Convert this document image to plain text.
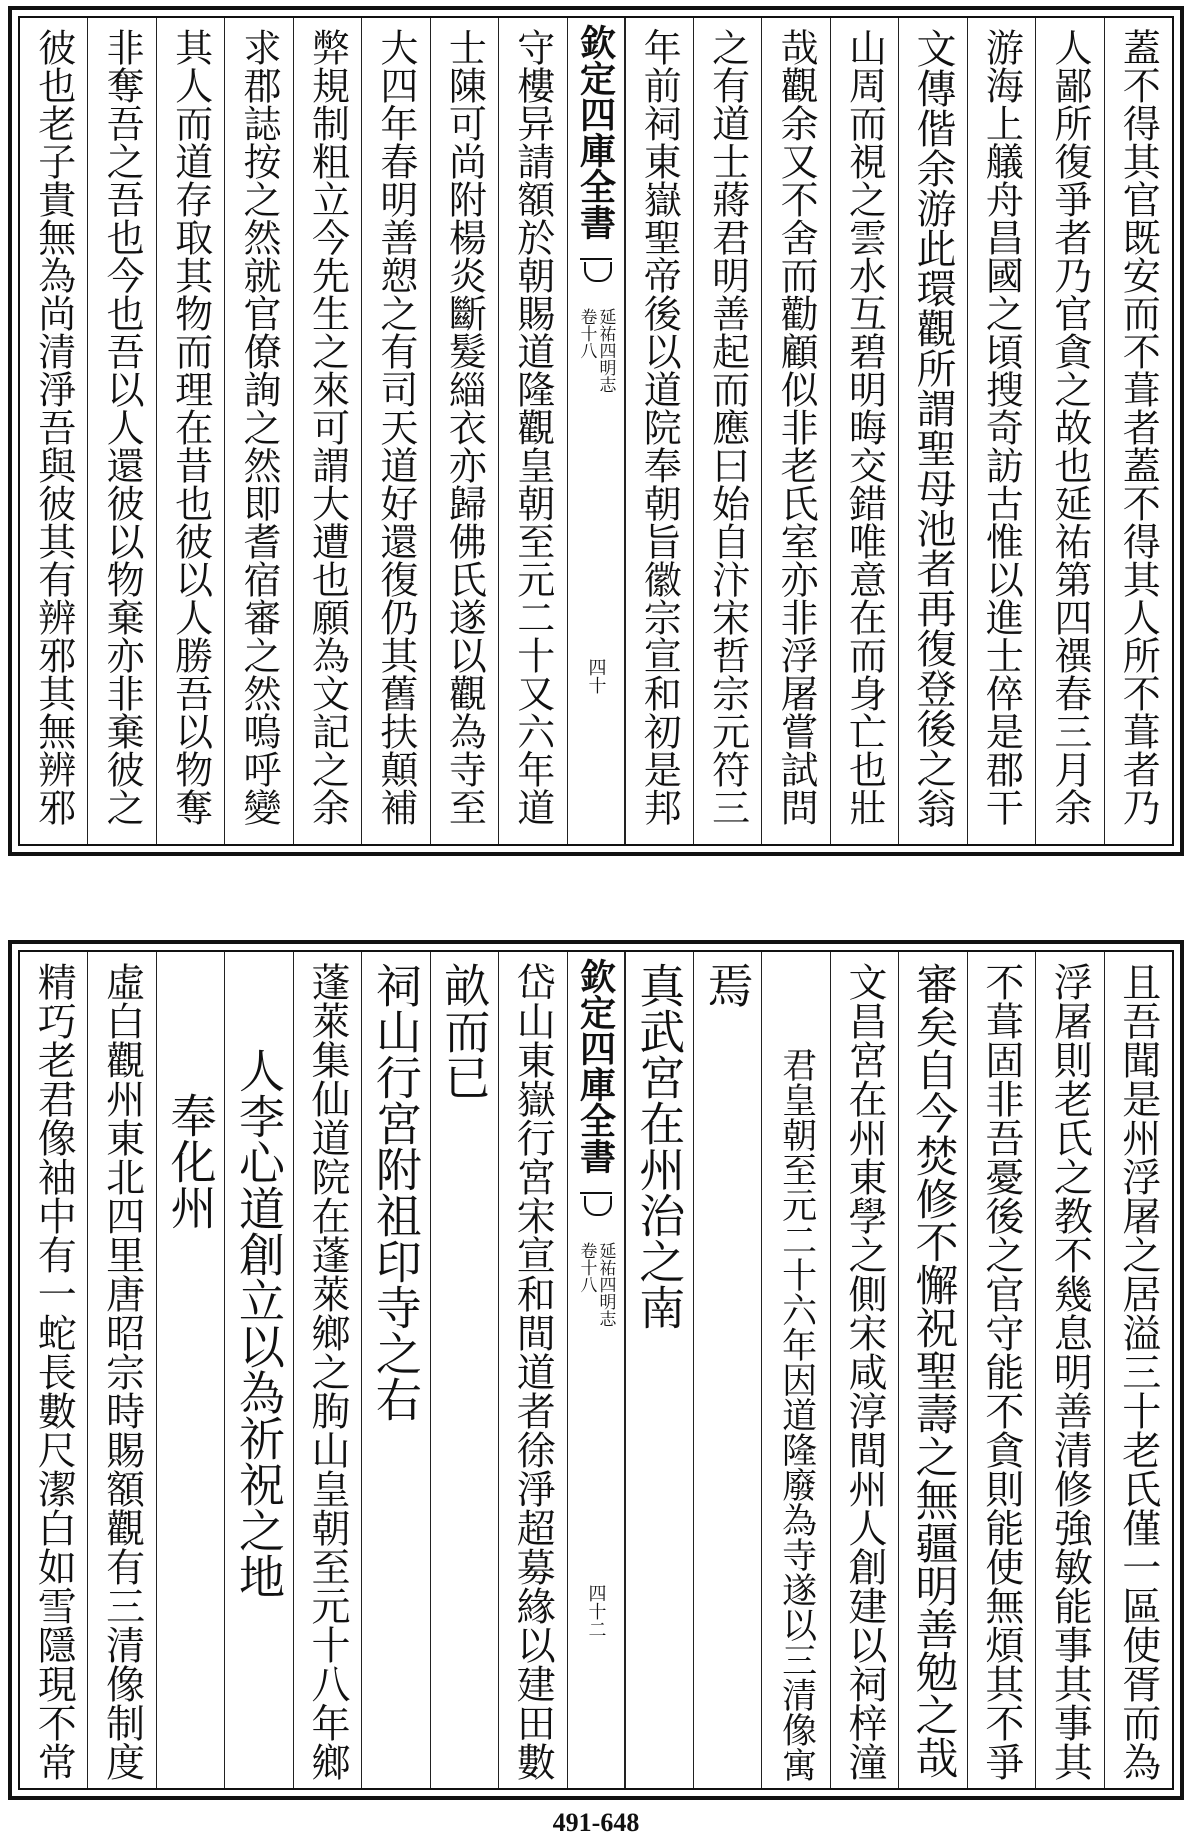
蓋不得其官既安而不葺者蓋不得其人所不葺者乃
人鄙所復爭者乃官貪之故也延祐第四禩春三月余
游海上艤舟昌國之頃搜奇訪古惟以進士倅是郡干
文傳偕余游此環觀所謂聖母池者再復登後之翁
山周而視之雲水互碧明晦交錯唯意在而身亡也壯
哉觀余又不舍而勸顧似非老氏室亦非浮屠嘗試問
之有道士蔣君明善起而應曰始自汴宋哲宗元符三
年前祠東嶽聖帝後以道院奉朝旨徽宗宣和初是邦
欽定四庫全書
延祐四明志
卷十八
四十
守樓异請額於朝賜道隆觀皇朝至元二十又六年道
士陳可尚附楊炎斷髮緇衣亦歸佛氏遂以觀為寺至
大四年春明善愬之有司天道好還復仍其舊扶顛補
弊規制粗立今先生之來可謂大遭也願為文記之余
求郡誌按之然就官僚詢之然即耆宿審之然嗚呼變
其人而道存取其物而理在昔也彼以人勝吾以物奪
非奪吾之吾也今也吾以人還彼以物棄亦非棄彼之
彼也老子貴無為尚清淨吾與彼其有辨邪其無辨邪
且吾聞是州浮屠之居溢三十老氏僅一區使胥而為
浮屠則老氏之教不幾息明善清修強敏能事其事其
不葺固非吾憂後之官守能不貪則能使無煩其不爭
審矣自今焚修不懈祝聖壽之無疆明善勉之哉
文昌宮在州東學之側宋咸淳間州人創建以祠梓潼
君皇朝至元二十六年因道隆廢為寺遂以三清像寓
焉
真武宮在州治之南
欽定四庫全書
延祐四明志
卷十八
四十二
岱山東嶽行宮宋宣和間道者徐淨超募緣以建田數
畝而已
祠山行宮附祖印寺之右
蓬萊集仙道院在蓬萊鄉之朐山皇朝至元十八年鄉
人李心道創立以為祈祝之地
奉化州
虛白觀州東北四里唐昭宗時賜額觀有三清像制度
精巧老君像袖中有一蛇長數尺潔白如雪隱現不常
491-648
